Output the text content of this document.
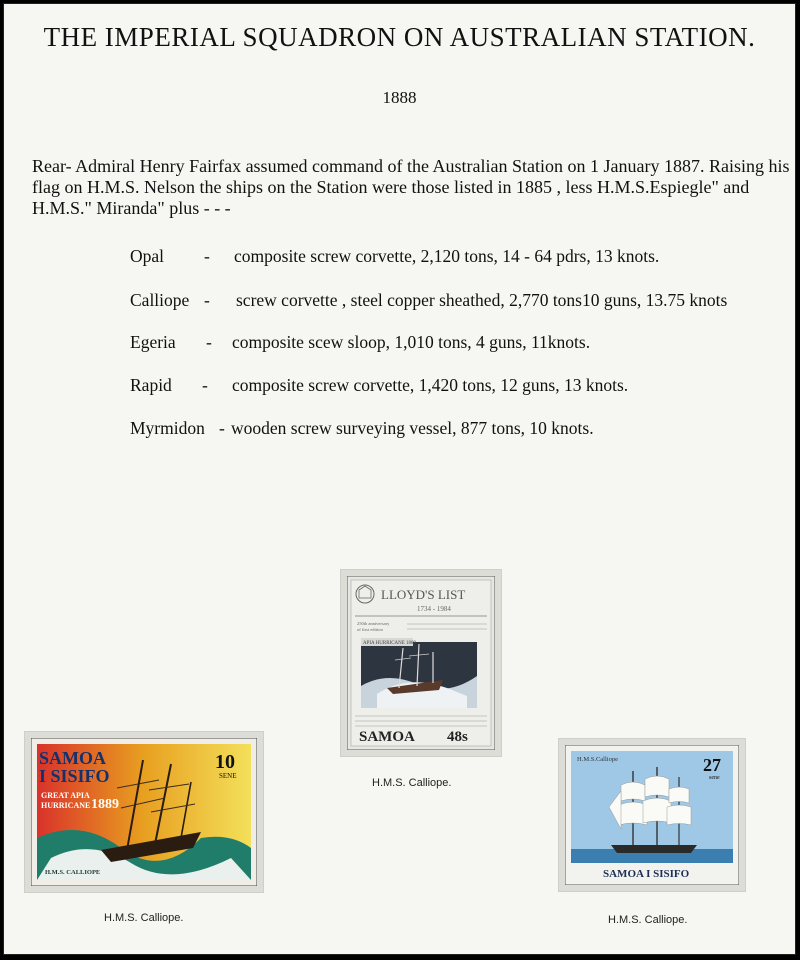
THE IMPERIAL SQUADRON ON AUSTRALIAN STATION.
1888

Rear- Admiral Henry Fairfax assumed command of the Australian Station on 1 January 1887. Raising his flag on H.M.S. Nelson the ships on the Station were those listed in 1885 , less H.M.S.Espiegle" and H.M.S." Miranda" plus - - -

Opal - composite screw corvette, 2,120 tons, 14 - 64 pdrs, 13 knots.
Calliope - screw corvette , steel copper sheathed, 2,770 tons10 guns, 13.75 knots
Egeria - composite scew sloop, 1,010 tons, 4 guns, 11knots.
Rapid - composite screw corvette, 1,420 tons, 12 guns, 13 knots.
Myrmidon - wooden screw surveying vessel, 877 tons, 10 knots.
LLOYD'S LIST
1734 - 1984
250th anniversary
of first edition
APIA HURRICANE 1889
SAMOA 48s
H.M.S. Calliope.
SAMOA
I SISIFO
10
SENE
GREAT APIA
HURRICANE 1889
H.M.S. CALLIOPE
H.M.S. Calliope.
H.M.S.Calliope	27
sene
SAMOA I SISIFO
H.M.S. Calliope.
